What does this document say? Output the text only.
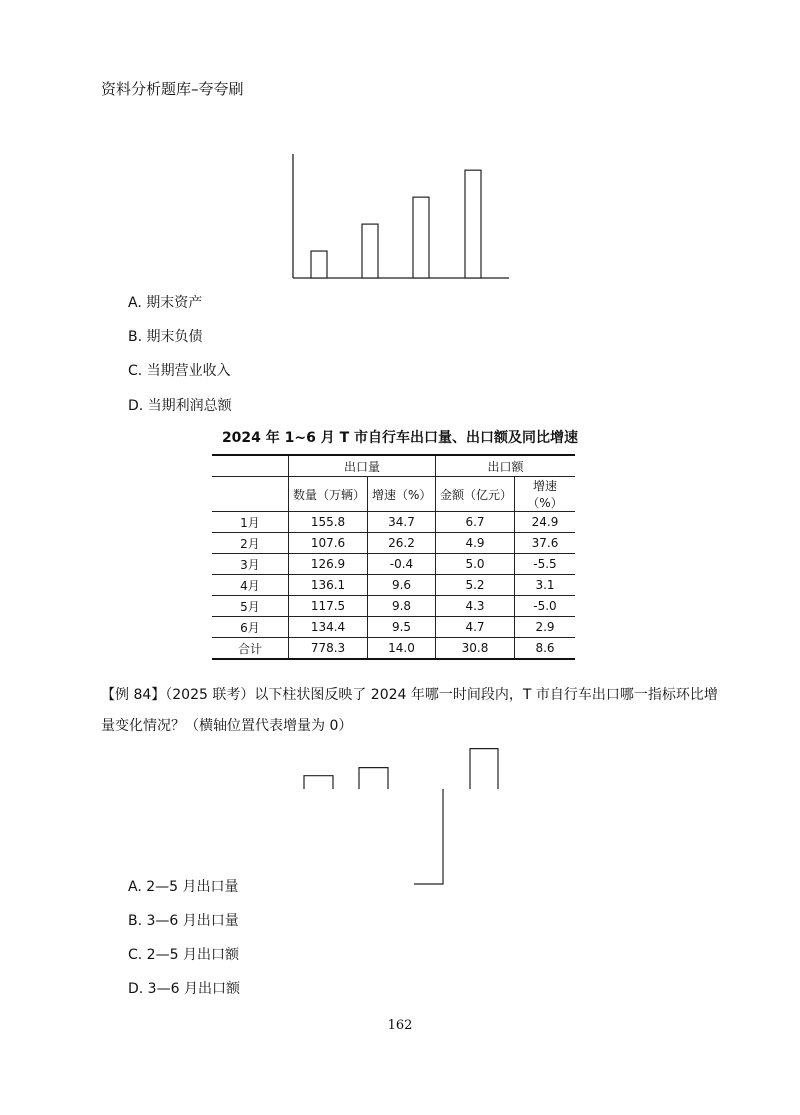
资料分析题库–夸夸刷
A. 期末资产
B. 期末负债
C. 当期营业收入
D. 当期利润总额
2024 年 1~6 月 T 市自行车出口量、出口额及同比增速
	出口量		出口额	
	数量（万辆）	增速（%）	金额（亿元）	增速（%）
1月	155.8	34.7	6.7	24.9
2月	107.6	26.2	4.9	37.6
3月	126.9	-0.4	5.0	-5.5
4月	136.1	9.6	5.2	3.1
5月	117.5	9.8	4.3	-5.0
6月	134.4	9.5	4.7	2.9
合计	778.3	14.0	30.8	8.6
【例 84】（2025 联考）以下柱状图反映了 2024 年哪一时间段内，T 市自行车出口哪一指标环比增量变化情况？（横轴位置代表增量为 0）
A. 2—5 月出口量
B. 3—6 月出口量
C. 2—5 月出口额
D. 3—6 月出口额
162
